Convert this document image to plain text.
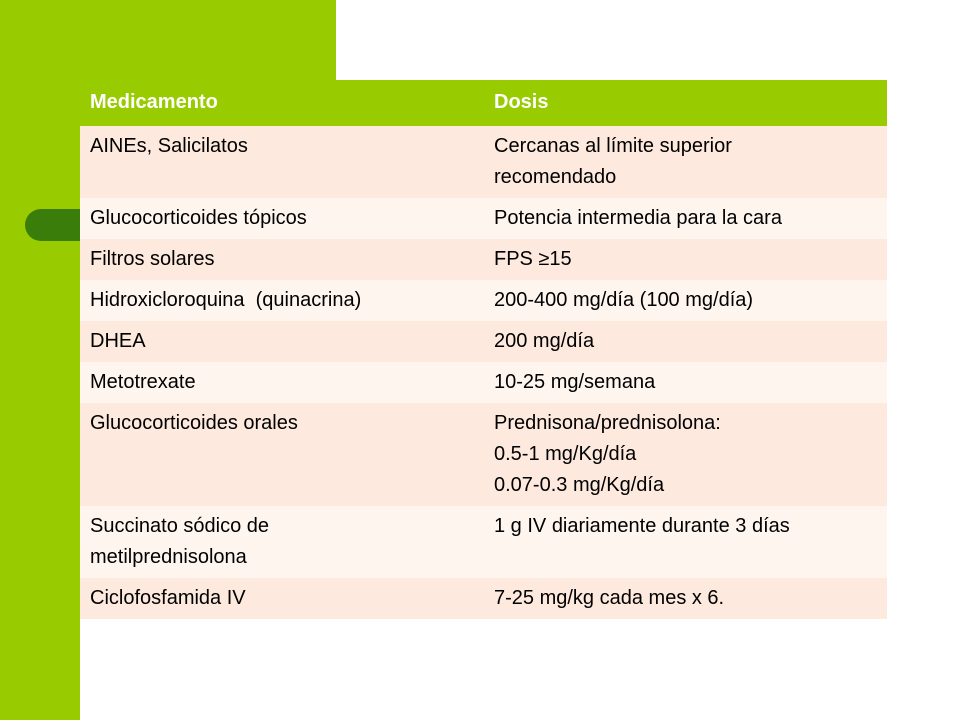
Medicamento	Dosis

AINEs, Salicilatos	Cercanas al límite superior
recomendado

Glucocorticoides tópicos	Potencia intermedia para la cara

Filtros solares	FPS ≥15

Hidroxicloroquina  (quinacrina)	200-400 mg/día (100 mg/día)

DHEA	200 mg/día

Metotrexate	10-25 mg/semana

Glucocorticoides orales	Prednisona/prednisolona:
0.5-1 mg/Kg/día
0.07-0.3 mg/Kg/día

Succinato sódico de
metilprednisolona	1 g IV diariamente durante 3 días

Ciclofosfamida IV	7-25 mg/kg cada mes x 6.
